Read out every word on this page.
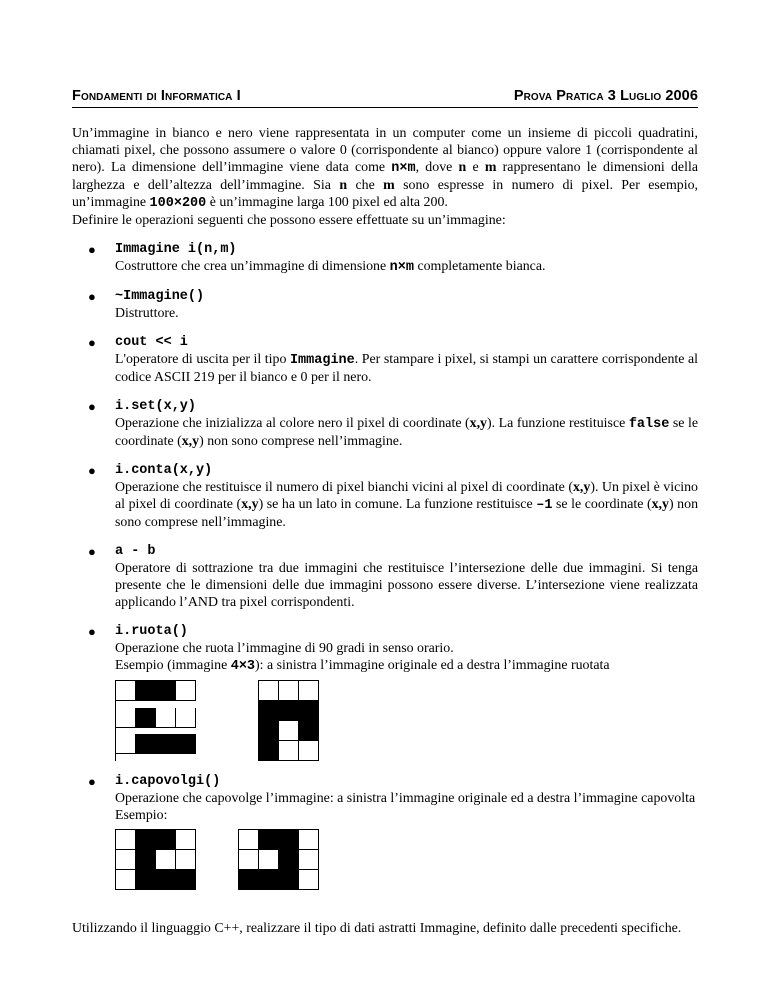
Fondamenti di Informatica I	Prova Pratica 3 Luglio 2006

Un’immagine in bianco e nero viene rappresentata in un computer come un insieme di piccoli quadratini, chiamati pixel, che possono assumere o valore 0 (corrispondente al bianco) oppure valore 1 (corrispondente al nero). La dimensione dell’immagine viene data come n×m, dove n e m rappresentano le dimensioni della larghezza e dell’altezza dell’immagine. Sia n che m sono espresse in numero di pixel. Per esempio, un’immagine 100×200 è un’immagine larga 100 pixel ed alta 200.
Definire le operazioni seguenti che possono essere effettuate su un’immagine:

● Immagine i(n,m)
Costruttore che crea un’immagine di dimensione n×m completamente bianca.
● ~Immagine()
Distruttore.
● cout << i
L'operatore di uscita per il tipo Immagine. Per stampare i pixel, si stampi un carattere corrispondente al codice ASCII 219 per il bianco e 0 per il nero.
● i.set(x,y)
Operazione che inizializza al colore nero il pixel di coordinate (x,y). La funzione restituisce false se le coordinate (x,y) non sono comprese nell’immagine.
● i.conta(x,y)
Operazione che restituisce il numero di pixel bianchi vicini al pixel di coordinate (x,y). Un pixel è vicino al pixel di coordinate (x,y) se ha un lato in comune. La funzione restituisce –1 se le coordinate (x,y) non sono comprese nell’immagine.
● a - b
Operatore di sottrazione tra due immagini che restituisce l’intersezione delle due immagini. Si tenga presente che le dimensioni delle due immagini possono essere diverse. L’intersezione viene realizzata applicando l’AND tra pixel corrispondenti.
● i.ruota()
Operazione che ruota l’immagine di 90 gradi in senso orario.
Esempio (immagine 4×3): a sinistra l’immagine originale ed a destra l’immagine ruotata
● i.capovolgi()
Operazione che capovolge l’immagine: a sinistra l’immagine originale ed a destra l’immagine capovolta
Esempio:

Utilizzando il linguaggio C++, realizzare il tipo di dati astratti Immagine, definito dalle precedenti specifiche.
